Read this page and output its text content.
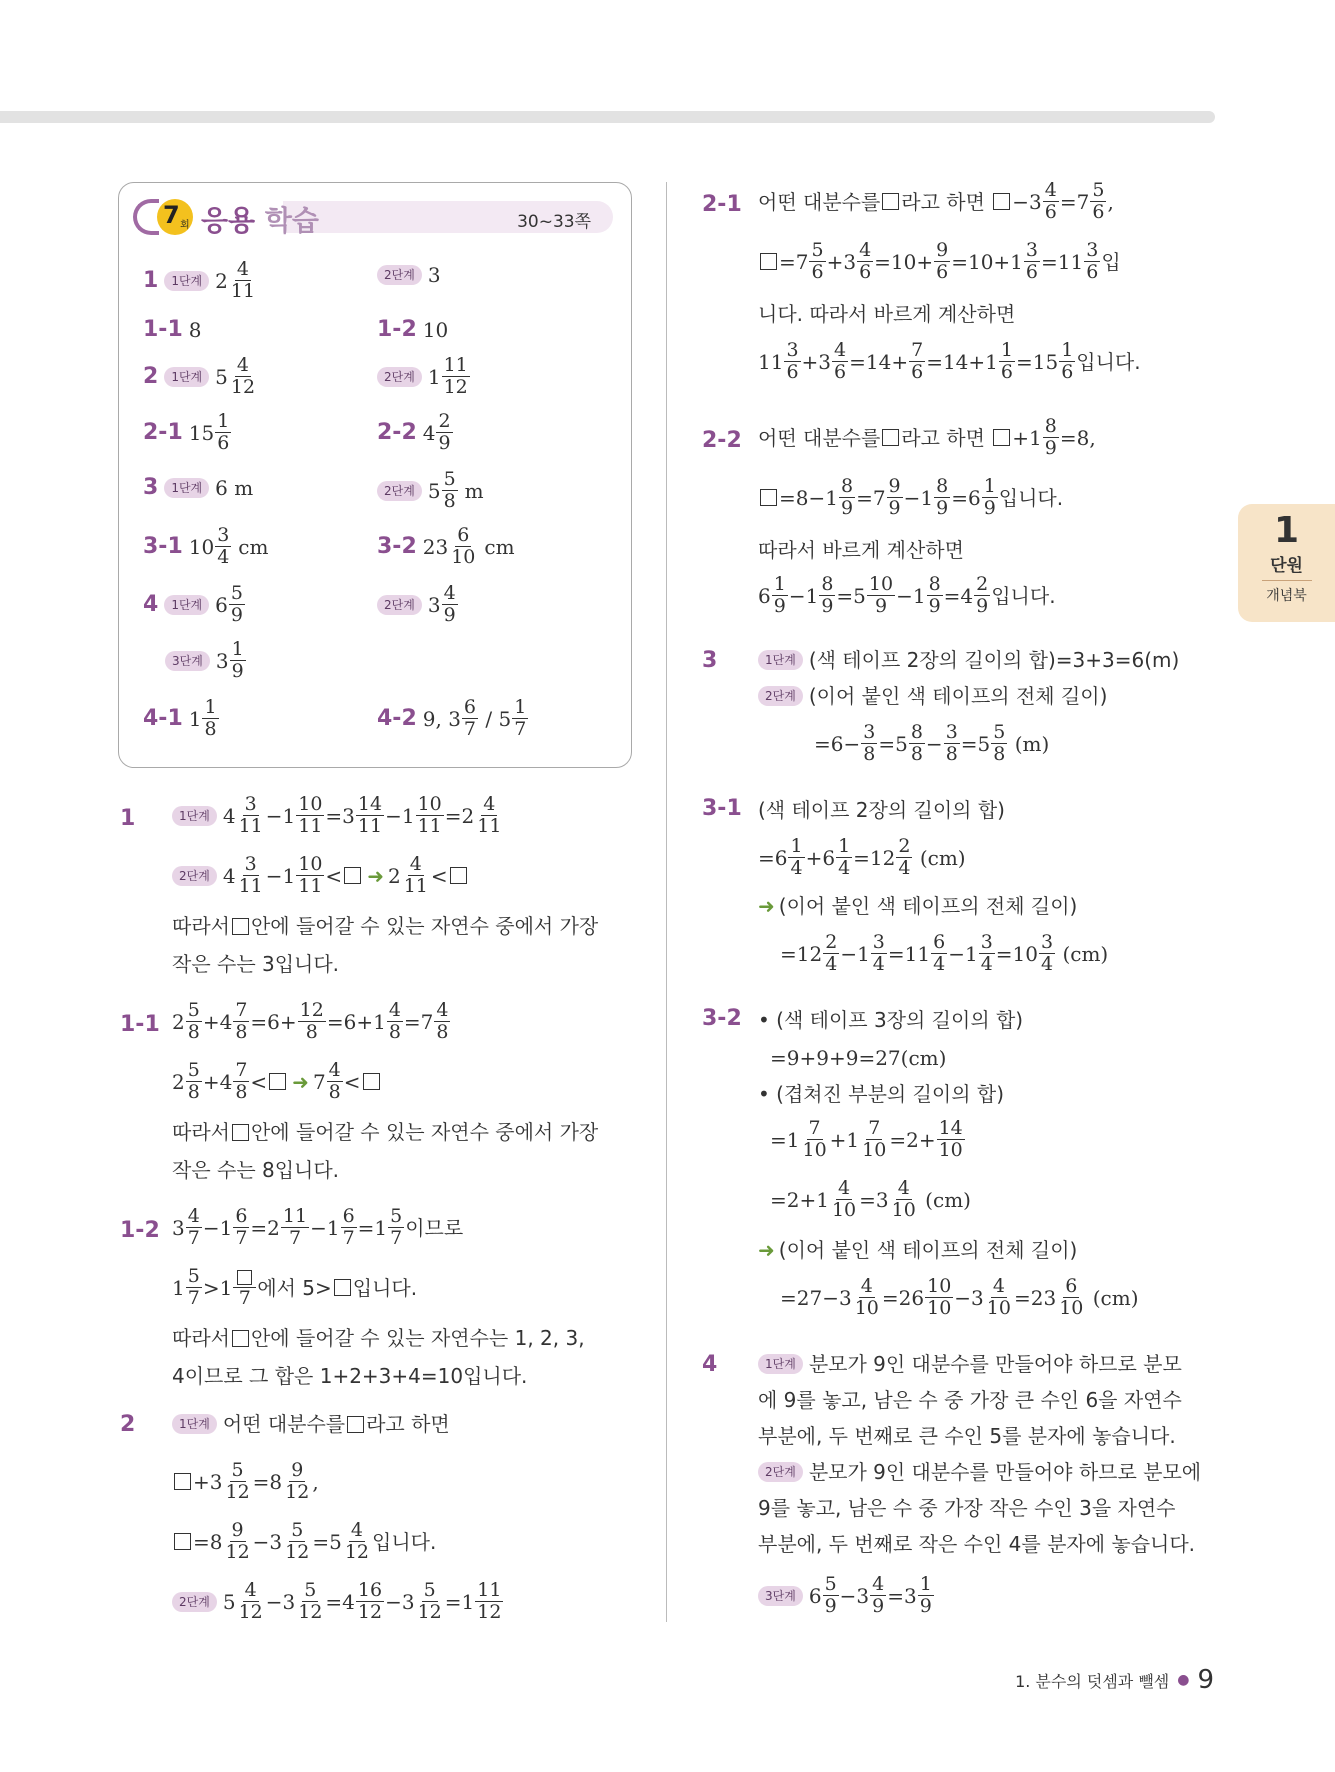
7 회 응용 학습	30~33쪽
1	1단계 $2 \frac{4}{11}$	2단계 3
1-1 8	1-2 10
2	1단계 $5 \frac{4}{12}$	2단계 $1 \frac{11}{12}$
2-1 $15 \frac{1}{6}$	2-2 $4 \frac{2}{9}$
3	1단계 6 m	2단계 $5 \frac{5}{8}$ m
3-1 $10 \frac{3}{4}$ cm	3-2 $23 \frac{6}{10}$ cm
4	1단계 $6 \frac{5}{9}$	2단계 $3 \frac{4}{9}$
3단계 $3 \frac{1}{9}$
4-1 $1 \frac{1}{8}$	4-2 9, $3 \frac{6}{7} / 5 \frac{1}{7}$
1	1단계 $4 \frac{3}{11} -1 \frac{10}{11} =3 \frac{14}{11} -1 \frac{10}{11} =2 \frac{4}{11}$
2단계 $4 \frac{3}{11} -1 \frac{10}{11}$ < ➜ $2 \frac{4}{11}$ <
따라서 안에 들어갈 수 있는 자연수 중에서 가장
작은 수는 3입니다.
1-1 $2 \frac{5}{8} +4 \frac{7}{8} =6+ \frac{12}{8} =6+1 \frac{4}{8} =7 \frac{4}{8}$
$2 \frac{5}{8} +4 \frac{7}{8}$ < ➜ $7 \frac{4}{8}$ <
따라서 안에 들어갈 수 있는 자연수 중에서 가장
작은 수는 8입니다.
1-2 $3 \frac{4}{7} -1 \frac{6}{7} =2 \frac{11}{7} -1 \frac{6}{7} =1 \frac{5}{7}$ 이므로
$1 \frac{5}{7} >1$ 7 에서 5> 입니다.
따라서 안에 들어갈 수 있는 자연수는 1, 2, 3,
4이므로 그 합은 1+2+3+4=10입니다.
2	1단계 어떤 대분수를 라고 하면
$+3 \frac{5}{12} =8 \frac{9}{12}$ ,
$=8 \frac{9}{12} -3 \frac{5}{12} =5 \frac{4}{12}$ 입니다.
2단계 $5 \frac{4}{12} -3 \frac{5}{12} =4 \frac{16}{12} -3 \frac{5}{12} =1 \frac{11}{12}$
2-1 어떤 대분수를 라고 하면
$-3 \frac{4}{6} =7 \frac{5}{6}$ ,
$=7 \frac{5}{6} +3 \frac{4}{6} =10+ \frac{9}{6} =10+1 \frac{3}{6} =11 \frac{3}{6}$ 입
니다. 따라서 바르게 계산하면
$11 \frac{3}{6} +3 \frac{4}{6} =14+ \frac{7}{6} =14+1 \frac{1}{6} =15 \frac{1}{6}$ 입니다.
2-2 어떤 대분수를 라고 하면
$+1 \frac{8}{9} =8$,
$=8-1 \frac{8}{9} =7 \frac{9}{9} -1 \frac{8}{9} =6 \frac{1}{9}$ 입니다.
따라서 바르게 계산하면
$6 \frac{1}{9} -1 \frac{8}{9} =5 \frac{10}{9} -1 \frac{8}{9} =4 \frac{2}{9}$ 입니다.
3	1단계 (색 테이프 2장의 길이의 합)=3+3=6(m)
2단계 (이어 붙인 색 테이프의 전체 길이)
$=6- \frac{3}{8} =5 \frac{8}{8} - \frac{3}{8} =5 \frac{5}{8} (m)$
3-1 (색 테이프 2장의 길이의 합)
$=6 \frac{1}{4} +6 \frac{1}{4} =12 \frac{2}{4} (cm)$
➜ (이어 붙인 색 테이프의 전체 길이)
$=12 \frac{2}{4} -1 \frac{3}{4} =11 \frac{6}{4} -1 \frac{3}{4} =10 \frac{3}{4} (cm)$
3-2 • (색 테이프 3장의 길이의 합)
=9+9+9=27(cm)
• (겹쳐진 부분의 길이의 합)
$=1 \frac{7}{10} +1 \frac{7}{10} =2+ \frac{14}{10}$
$=2+1 \frac{4}{10} =3 \frac{4}{10} (cm)$
➜ (이어 붙인 색 테이프의 전체 길이)
$=27-3 \frac{4}{10} =26 \frac{10}{10} -3 \frac{4}{10} =23 \frac{6}{10} (cm)$
4	1단계 분모가 9인 대분수를 만들어야 하므로 분모
에 9를 놓고, 남은 수 중 가장 큰 수인 6을 자연수
부분에, 두 번째로 큰 수인 5를 분자에 놓습니다.
2단계 분모가 9인 대분수를 만들어야 하므로 분모에
9를 놓고, 남은 수 중 가장 작은 수인 3을 자연수
부분에, 두 번째로 작은 수인 4를 분자에 놓습니다.
3단계 $6 \frac{5}{9} -3 \frac{4}{9} =3 \frac{1}{9}$
1
단원
개념북
1. 분수의 덧셈과 뺄셈 ● 9
